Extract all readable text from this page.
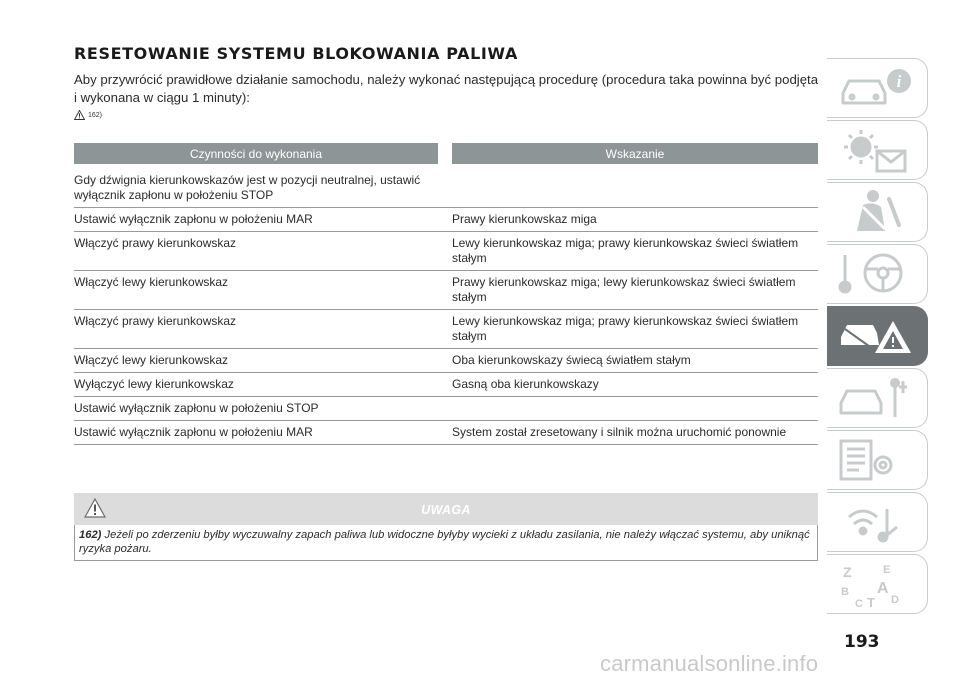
RESETOWANIE SYSTEMU BLOKOWANIA PALIWA

Aby przywrócić prawidłowe działanie samochodu, należy wykonać następującą procedurę (procedura taka powinna być podjęta i wykonana w ciągu 1 minuty):

162)
Czynności do wykonania		Wskazanie
Gdy dźwignia kierunkowskazów jest w pozycji neutralnej, ustawić wyłącznik zapłonu w położeniu STOP		
Ustawić wyłącznik zapłonu w położeniu MAR		Prawy kierunkowskaz miga
Włączyć prawy kierunkowskaz		Lewy kierunkowskaz miga; prawy kierunkowskaz świeci światłem stałym
Włączyć lewy kierunkowskaz		Prawy kierunkowskaz miga; lewy kierunkowskaz świeci światłem stałym
Włączyć prawy kierunkowskaz		Lewy kierunkowskaz miga; prawy kierunkowskaz świeci światłem stałym
Włączyć lewy kierunkowskaz		Oba kierunkowskazy świecą światłem stałym
Wyłączyć lewy kierunkowskaz		Gasną oba kierunkowskazy
Ustawić wyłącznik zapłonu w położeniu STOP		
Ustawić wyłącznik zapłonu w położeniu MAR		System został zresetowany i silnik można uruchomić ponownie
UWAGA
162) Jeżeli po zderzeniu byłby wyczuwalny zapach paliwa lub widoczne byłyby wycieki z układu zasilania, nie należy włączać systemu, aby uniknąć ryzyka pożaru.
i
Z	E
B A
C T D
193
carmanualsonline.info
